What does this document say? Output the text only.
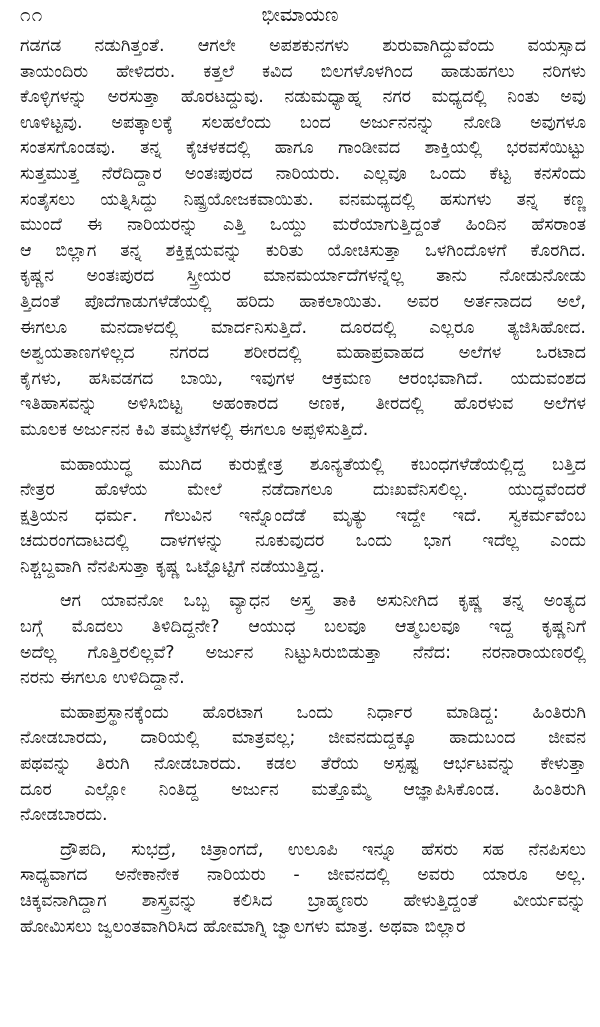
೧೧	ಭೀಮಾಯಣ
ಗಡಗಡ ನಡುಗಿತ್ತಂತೆ. ಆಗಲೇ ಅಪಶಕುನಗಳು ಶುರುವಾಗಿದ್ದುವೆಂದು ವಯಸ್ಸಾದ
ತಾಯಂದಿರು ಹೇಳಿದರು. ಕತ್ತಲೆ ಕವಿದ ಬಿಲಗಳೊಳಗಿಂದ ಹಾಡುಹಗಲು ನರಿಗಳು
ಕೊಳ್ಳಿಗಳನ್ನು ಅರಸುತ್ತಾ ಹೊರಟದ್ದುವು. ನಡುಮಧ್ಯಾಹ್ನ ನಗರ ಮಧ್ಯದಲ್ಲಿ ನಿಂತು ಅವು
ಊಳಿಟ್ಟವು. ಅಪತ್ಕಾಲಕ್ಕೆ ಸಲಹಲೆಂದು ಬಂದ ಅರ್ಜುನನನ್ನು ನೋಡಿ ಅವುಗಳೂ
ಸಂತಸಗೊಂಡವು. ತನ್ನ ಕೈಚಳಕದಲ್ಲಿ ಹಾಗೂ ಗಾಂಡೀವದ ಶಾಕ್ತಿಯಲ್ಲಿ ಭರವಸೆಯಿಟ್ಟು
ಸುತ್ತಮುತ್ತ ನೆರೆದಿದ್ದಾರ ಅಂತಃಪುರದ ನಾರಿಯರು. ಎಲ್ಲವೂ ಒಂದು ಕೆಟ್ಟ ಕನಸೆಂದು
ಸಂತೈಸಲು ಯತ್ನಿಸಿದ್ದು ನಿಷ್ಪ್ರಯೋಜಕವಾಯಿತು. ವನಮಧ್ಯದಲ್ಲಿ ಹಸುಗಳು ತನ್ನ ಕಣ್ಣ
ಮುಂದೆ ಈ ನಾರಿಯರನ್ನು ಎತ್ತಿ ಒಯ್ದು ಮರೆಯಾಗುತ್ತಿದ್ದಂತೆ ಹಿಂದಿನ ಹೆಸರಾಂತ
ಆ ಬಿಲ್ಲಾಗ ತನ್ನ ಶಕ್ತಿಕ್ಷಯವನ್ನು ಕುರಿತು ಯೋಚಿಸುತ್ತಾ ಒಳಗಿಂದೊಳಗೆ ಕೊರಗಿದ.
ಕೃಷ್ಣನ ಅಂತಃಪುರದ ಸ್ತ್ರೀಯರ ಮಾನಮರ್ಯಾದೆಗಳನ್ನೆಲ್ಲ ತಾನು ನೋಡುನೋಡು
ತ್ತಿದಂತೆ ಪೊದೆಗಾಡುಗಳೆಡೆಯಲ್ಲಿ ಹರಿದು ಹಾಕಲಾಯಿತು. ಅವರ ಅರ್ತನಾದದ ಅಲೆ,
ಈಗಲೂ ಮನದಾಳದಲ್ಲಿ ಮಾರ್ದನಿಸುತ್ತಿದೆ. ದೂರದಲ್ಲಿ ಎಲ್ಲರೂ ತ್ಯಜಿಸಿಹೋದ.
ಅಶ್ವಯತಾಣಗಳಿಲ್ಲದ ನಗರದ ಶರೀರದಲ್ಲಿ ಮಹಾಪ್ರವಾಹದ ಅಲೆಗಳ ಒರಟಾದ
ಕೈಗಳು, ಹಸಿವಡಗದ ಬಾಯಿ, ಇವುಗಳ ಆಕ್ರಮಣ ಆರಂಭವಾಗಿದೆ. ಯದುವಂಶದ
ಇತಿಹಾಸವನ್ನು ಅಳಿಸಿಬಿಟ್ಟ ಅಹಂಕಾರದ ಅಣಕ, ತೀರದಲ್ಲಿ ಹೊರಳುವ ಅಲೆಗಳ
ಮೂಲಕ ಅರ್ಜುನನ ಕಿವಿ ತಮ್ಮಟೆಗಳಲ್ಲಿ ಈಗಲೂ ಅಪ್ಪಳಿಸುತ್ತಿದೆ.
ಮಹಾಯುದ್ಧ ಮುಗಿದ ಕುರುಕ್ಷೇತ್ರ ಶೂನ್ಯತೆಯಲ್ಲಿ ಕಬಂಧಗಳೆಡೆಯಲ್ಲಿದ್ದ ಬತ್ತಿದ
ನೇತ್ರರ ಹೊಳೆಯ ಮೇಲೆ ನಡೆದಾಗಲೂ ದುಃಖವೆನಿಸಲಿಲ್ಲ. ಯುದ್ಧವೆಂದರೆ
ಕ್ಷತ್ರಿಯನ ಧರ್ಮ. ಗೆಲುವಿನ ಇನ್ನೊಂದೆಡೆ ಮೃತ್ಯು ಇದ್ದೇ ಇದೆ. ಸ್ವಕರ್ಮವೆಂಬ
ಚದುರಂಗದಾಟದಲ್ಲಿ ದಾಳಗಳನ್ನು ನೂಕುವುದರ ಒಂದು ಭಾಗ ಇದೆಲ್ಲ ಎಂದು
ನಿಶ್ಚಬ್ದವಾಗಿ ನೆನಪಿಸುತ್ತಾ ಕೃಷ್ಣ ಒಟ್ಟೊಟ್ಟಿಗೆ ನಡೆಯುತ್ತಿದ್ದ.
ಆಗ ಯಾವನೋ ಒಬ್ಬ ವ್ಯಾಧನ ಅಸ್ತ್ರ ತಾಕಿ ಅಸುನೀಗಿದ ಕೃಷ್ಣ ತನ್ನ ಅಂತ್ಯದ
ಬಗ್ಗೆ ಮೊದಲು ತಿಳಿದಿದ್ದನೇ? ಆಯುಧ ಬಲವೂ ಆತ್ಮಬಲವೂ ಇದ್ದ ಕೃಷ್ಣನಿಗೆ
ಅದೆಲ್ಲ ಗೊತ್ತಿರಲಿಲ್ಲವೆ? ಅರ್ಜುನ ನಿಟ್ಟುಸಿರುಬಿಡುತ್ತಾ ನೆನೆದ: ನರನಾರಾಯಣರಲ್ಲಿ
ನರನು ಈಗಲೂ ಉಳಿದಿದ್ದಾನೆ.
ಮಹಾಪ್ರಸ್ಥಾನಕ್ಕೆಂದು ಹೊರಟಾಗ ಒಂದು ನಿರ್ಧಾರ ಮಾಡಿದ್ದ: ಹಿಂತಿರುಗಿ
ನೋಡಬಾರದು, ದಾರಿಯಲ್ಲಿ ಮಾತ್ರವಲ್ಲ; ಜೀವನದುದ್ದಕ್ಕೂ ಹಾದುಬಂದ ಜೀವನ
ಪಥವನ್ನು ತಿರುಗಿ ನೋಡಬಾರದು. ಕಡಲ ತೆರೆಯ ಅಸ್ಪಷ್ಟ ಆರ್ಭಟವನ್ನು ಕೇಳುತ್ತಾ
ದೂರ ಎಲ್ಲೋ ನಿಂತಿದ್ದ ಅರ್ಜುನ ಮತ್ತೊಮ್ಮೆ ಆಜ್ಞಾಪಿಸಿಕೊಂಡ. ಹಿಂತಿರುಗಿ
ನೋಡಬಾರದು.
ದ್ರೌಪದಿ, ಸುಭದ್ರೆ, ಚಿತ್ರಾಂಗದೆ, ಉಲೂಪಿ ಇನ್ನೂ ಹೆಸರು ಸಹ ನೆನಪಿಸಲು
ಸಾಧ್ಯವಾಗದ ಅನೇಕಾನೇಕ ನಾರಿಯರು - ಜೀವನದಲ್ಲಿ ಅವರು ಯಾರೂ ಅಲ್ಲ.
ಚಿಕ್ಕವನಾಗಿದ್ದಾಗ ಶಾಸ್ತ್ರವನ್ನು ಕಲಿಸಿದ ಬ್ರಾಹ್ಮಣರು ಹೇಳುತ್ತಿದ್ದಂತೆ ವೀರ್ಯವನ್ನು
ಹೋಮಿಸಲು ಜ್ವಲಂತವಾಗಿರಿಸಿದ ಹೋಮಾಗ್ನಿ ಜ್ವಾಲಗಳು ಮಾತ್ರ. ಅಥವಾ ಬಿಲ್ಲಾರ
